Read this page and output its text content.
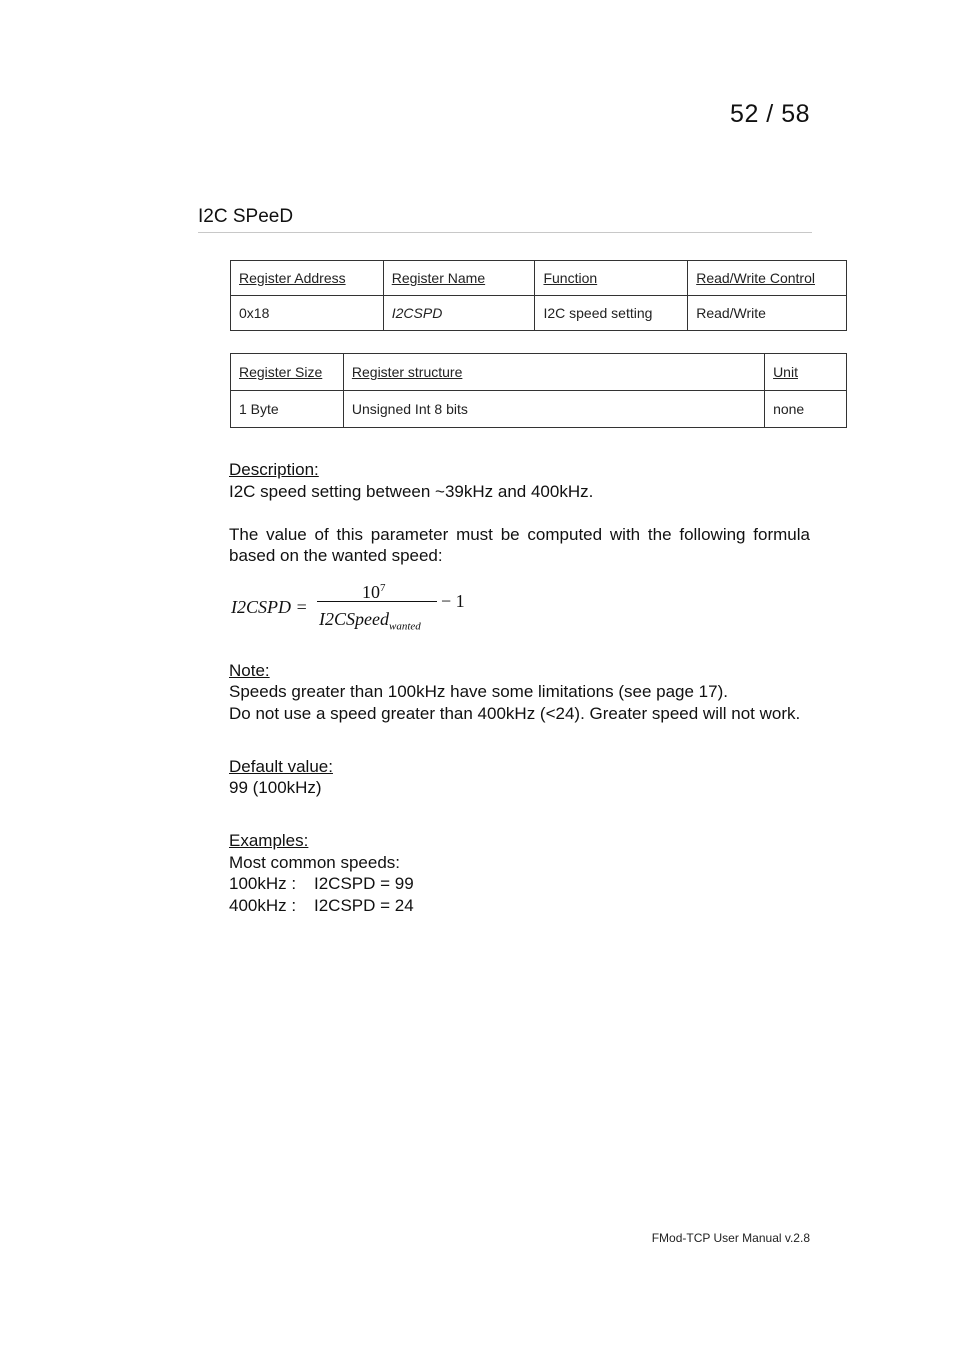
52 / 58
I2C SPeeD
Register Address	Register Name	Function	Read/Write Control
0x18	I2CSPD	I2C speed setting	Read/Write
Register Size	Register structure	Unit
1 Byte	Unsigned Int 8 bits	none

Description:

I2C speed setting between ~39kHz and 400kHz.

The value of this parameter must be computed with the following formula based on the wanted speed:

I2CSPD =
$10^7$
− 1
I2CSpeed$_{wanted}$

Note:

Speeds greater than 100kHz have some limitations (see page 17).

Do not use a speed greater than 400kHz (<24). Greater speed will not work.

Default value:

99 (100kHz)

Examples:

Most common speeds:

100kHz : I2CSPD = 99

400kHz : I2CSPD = 24

FMod-TCP User Manual v.2.8
